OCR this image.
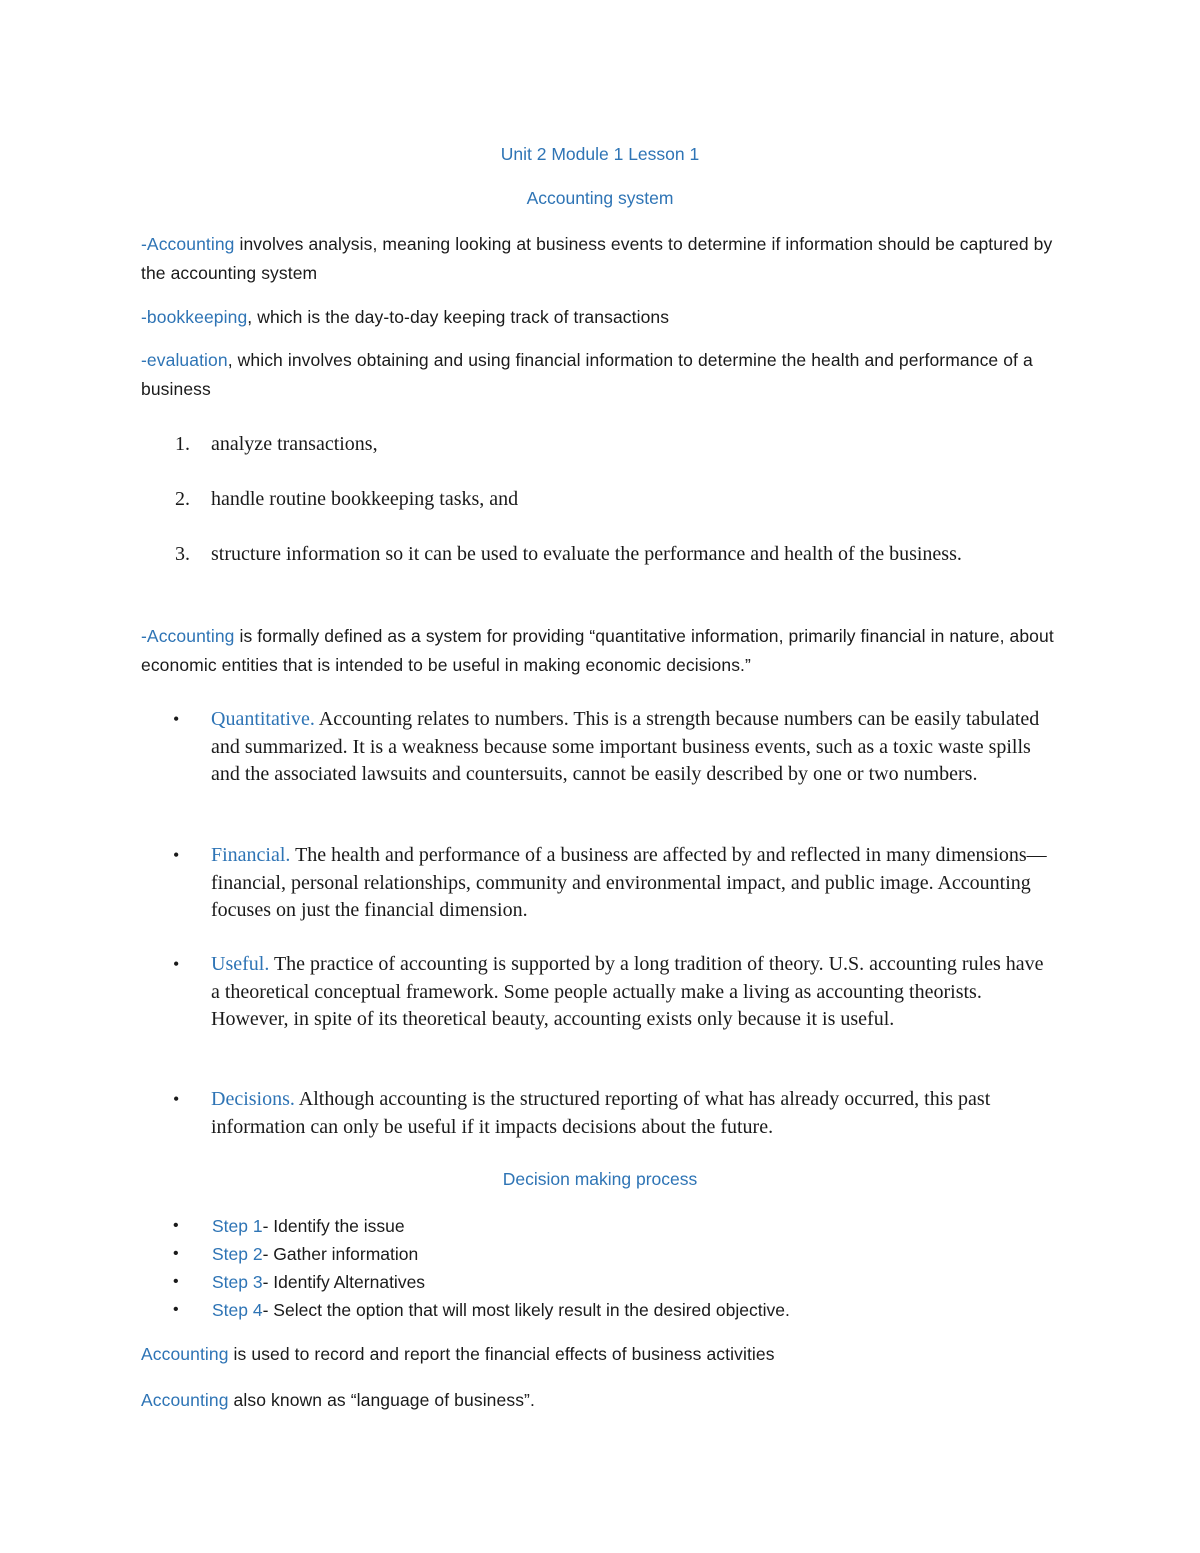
Unit 2 Module 1 Lesson 1
Accounting system
-Accounting involves analysis, meaning looking at business events to determine if information should be captured by the accounting system
-bookkeeping, which is the day-to-day keeping track of transactions
-evaluation, which involves obtaining and using financial information to determine the health and performance of a business
1.	analyze transactions,
2.	handle routine bookkeeping tasks, and
3.	structure information so it can be used to evaluate the performance and health of the business.
-Accounting is formally defined as a system for providing “quantitative information, primarily financial in nature, about economic entities that is intended to be useful in making economic decisions.”
•	Quantitative. Accounting relates to numbers. This is a strength because numbers can be easily tabulated and summarized. It is a weakness because some important business events, such as a toxic waste spills and the associated lawsuits and countersuits, cannot be easily described by one or two numbers.
•	Financial. The health and performance of a business are affected by and reflected in many dimensions—financial, personal relationships, community and environmental impact, and public image. Accounting focuses on just the financial dimension.
•	Useful. The practice of accounting is supported by a long tradition of theory. U.S. accounting rules have a theoretical conceptual framework. Some people actually make a living as accounting theorists. However, in spite of its theoretical beauty, accounting exists only because it is useful.
•	Decisions. Although accounting is the structured reporting of what has already occurred, this past information can only be useful if it impacts decisions about the future.
Decision making process
• Step 1- Identify the issue
• Step 2- Gather information
• Step 3- Identify Alternatives
• Step 4- Select the option that will most likely result in the desired objective.
Accounting is used to record and report the financial effects of business activities
Accounting also known as “language of business”.
